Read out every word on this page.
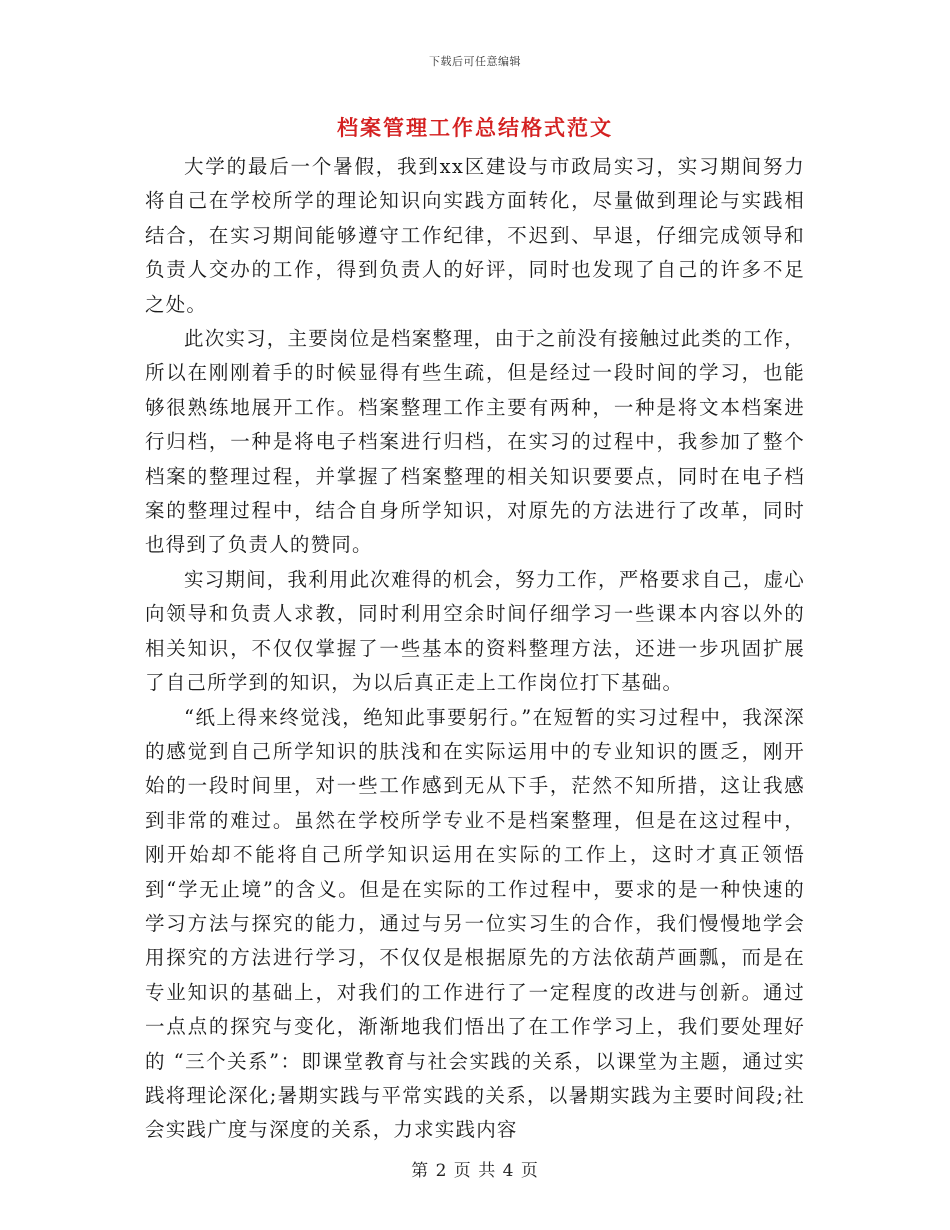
下载后可任意编辑
档案管理工作总结格式范文

大学的最后一个暑假，我到xx区建设与市政局实习，实习期间努力将自己在学校所学的理论知识向实践方面转化，尽量做到理论与实践相结合，在实习期间能够遵守工作纪律，不迟到、早退，仔细完成领导和负责人交办的工作，得到负责人的好评，同时也发现了自己的许多不足之处。

此次实习，主要岗位是档案整理，由于之前没有接触过此类的工作，所以在刚刚着手的时候显得有些生疏，但是经过一段时间的学习，也能够很熟练地展开工作。档案整理工作主要有两种，一种是将文本档案进行归档，一种是将电子档案进行归档，在实习的过程中，我参加了整个档案的整理过程，并掌握了档案整理的相关知识要要点，同时在电子档案的整理过程中，结合自身所学知识，对原先的方法进行了改革，同时也得到了负责人的赞同。

实习期间，我利用此次难得的机会，努力工作，严格要求自己，虚心向领导和负责人求教，同时利用空余时间仔细学习一些课本内容以外的相关知识，不仅仅掌握了一些基本的资料整理方法，还进一步巩固扩展了自己所学到的知识，为以后真正走上工作岗位打下基础。

“纸上得来终觉浅，绝知此事要躬行。”在短暂的实习过程中，我深深的感觉到自己所学知识的肤浅和在实际运用中的专业知识的匮乏，刚开始的一段时间里，对一些工作感到无从下手，茫然不知所措，这让我感到非常的难过。虽然在学校所学专业不是档案整理，但是在这过程中，刚开始却不能将自己所学知识运用在实际的工作上，这时才真正领悟到“学无止境”的含义。但是在实际的工作过程中，要求的是一种快速的学习方法与探究的能力，通过与另一位实习生的合作，我们慢慢地学会用探究的方法进行学习，不仅仅是根据原先的方法依葫芦画瓢，而是在专业知识的基础上，对我们的工作进行了一定程度的改进与创新。通过一点点的探究与变化，渐渐地我们悟出了在工作学习上，我们要处理好的 “三个关系”：即课堂教育与社会实践的关系，以课堂为主题，通过实践将理论深化;暑期实践与平常实践的关系，以暑期实践为主要时间段;社会实践广度与深度的关系，力求实践内容

第 2 页 共 4 页
